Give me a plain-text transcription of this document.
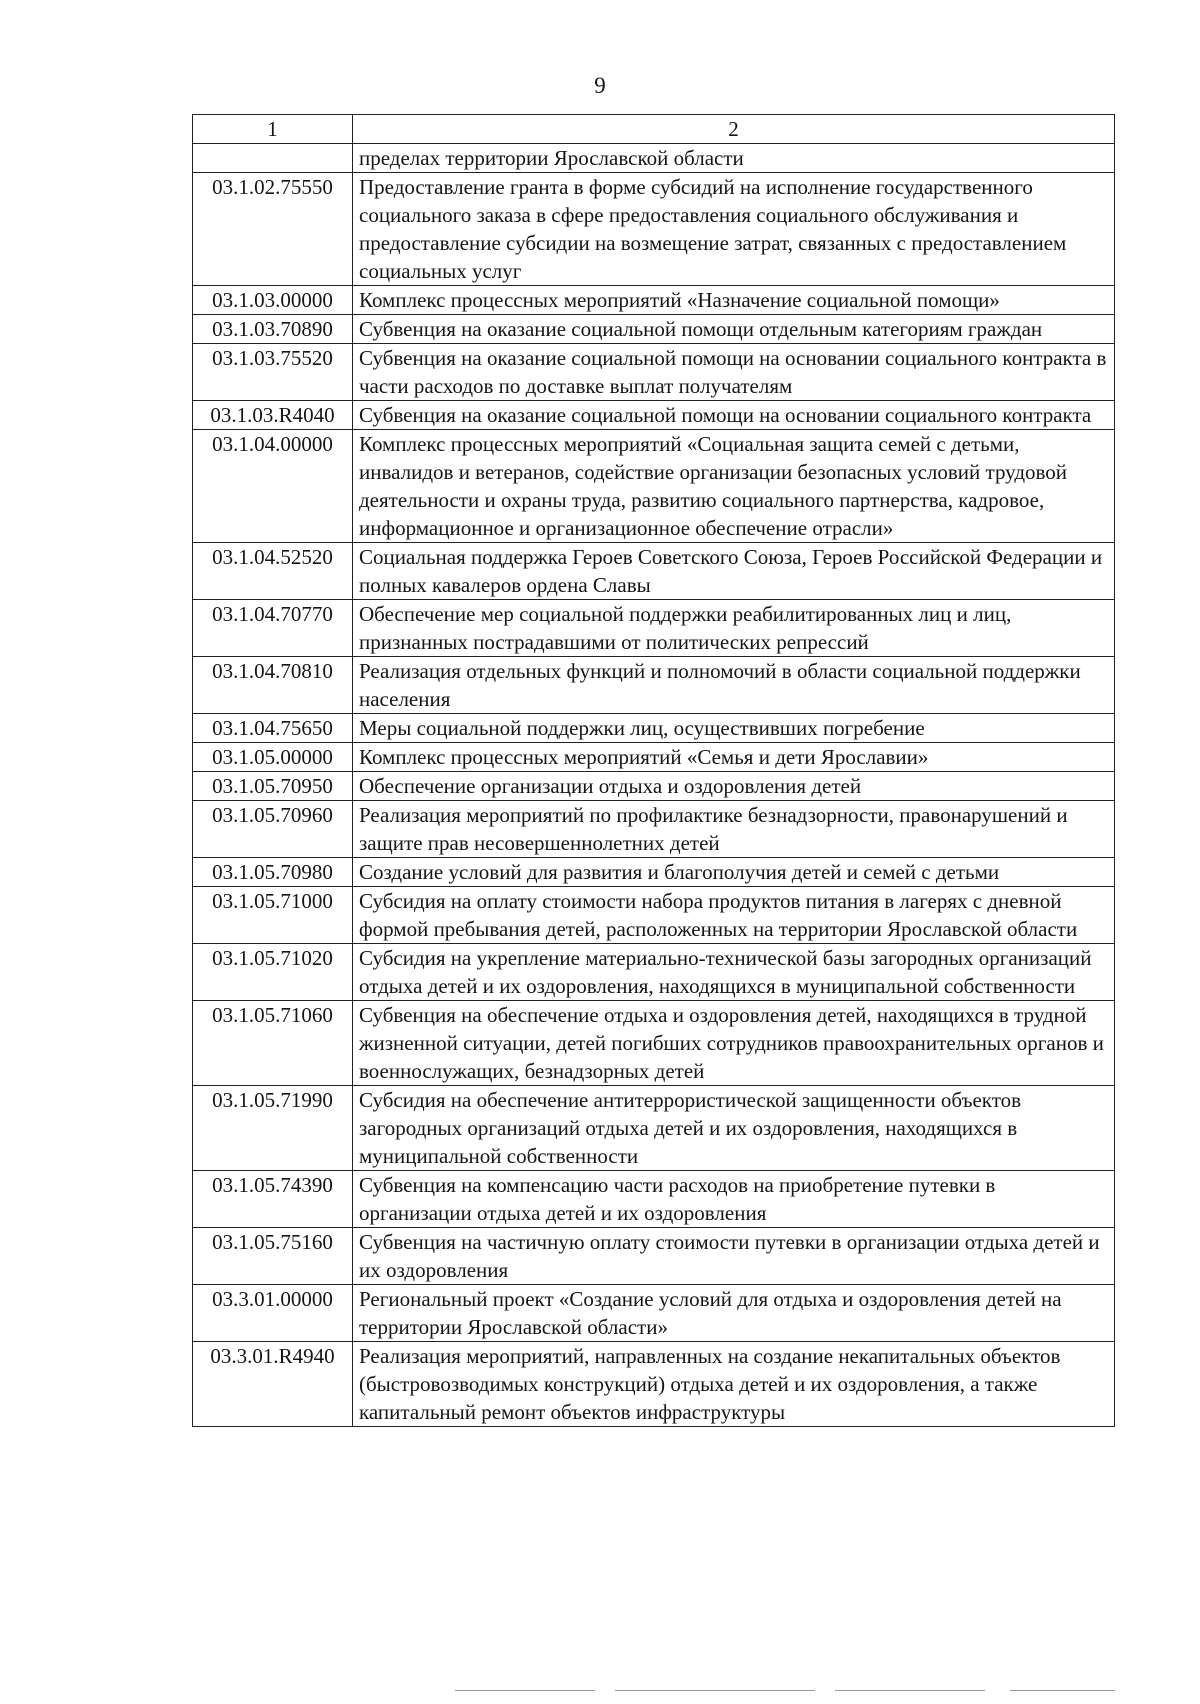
9
1	2
	пределах территории Ярославской области
03.1.02.75550	Предоставление гранта в форме субсидий на исполнение государственного социального заказа в сфере предоставления социального обслуживания и предоставление субсидии на возмещение затрат, связанных с предоставлением социальных услуг
03.1.03.00000	Комплекс процессных мероприятий «Назначение социальной помощи»
03.1.03.70890	Субвенция на оказание социальной помощи отдельным категориям граждан
03.1.03.75520	Субвенция на оказание социальной помощи на основании социального контракта в части расходов по доставке выплат получателям
03.1.03.R4040	Субвенция на оказание социальной помощи на основании социального контракта
03.1.04.00000	Комплекс процессных мероприятий «Социальная защита семей с детьми, инвалидов и ветеранов, содействие организации безопасных условий трудовой деятельности и охраны труда, развитию социального партнерства, кадровое, информационное и организационное обеспечение отрасли»
03.1.04.52520	Социальная поддержка Героев Советского Союза, Героев Российской Федерации и полных кавалеров ордена Славы
03.1.04.70770	Обеспечение мер социальной поддержки реабилитированных лиц и лиц, признанных пострадавшими от политических репрессий
03.1.04.70810	Реализация отдельных функций и полномочий в области социальной поддержки населения
03.1.04.75650	Меры социальной поддержки лиц, осуществивших погребение
03.1.05.00000	Комплекс процессных мероприятий «Семья и дети Ярославии»
03.1.05.70950	Обеспечение организации отдыха и оздоровления детей
03.1.05.70960	Реализация мероприятий по профилактике безнадзорности, правонарушений и защите прав несовершеннолетних детей
03.1.05.70980	Создание условий для развития и благополучия детей и семей с детьми
03.1.05.71000	Субсидия на оплату стоимости набора продуктов питания в лагерях с дневной формой пребывания детей, расположенных на территории Ярославской области
03.1.05.71020	Субсидия на укрепление материально-технической базы загородных организаций отдыха детей и их оздоровления, находящихся в муниципальной собственности
03.1.05.71060	Субвенция на обеспечение отдыха и оздоровления детей, находящихся в трудной жизненной ситуации, детей погибших сотрудников правоохранительных органов и военнослужащих, безнадзорных детей
03.1.05.71990	Субсидия на обеспечение антитеррористической защищенности объектов загородных организаций отдыха детей и их оздоровления, находящихся в муниципальной собственности
03.1.05.74390	Субвенция на компенсацию части расходов на приобретение путевки в организации отдыха детей и их оздоровления
03.1.05.75160	Субвенция на частичную оплату стоимости путевки в организации отдыха детей и их оздоровления
03.3.01.00000	Региональный проект «Создание условий для отдыха и оздоровления детей на территории Ярославской области»
03.3.01.R4940	Реализация мероприятий, направленных на создание некапитальных объектов (быстровозводимых конструкций) отдыха детей и их оздоровления, а также капитальный ремонт объектов инфраструктуры
